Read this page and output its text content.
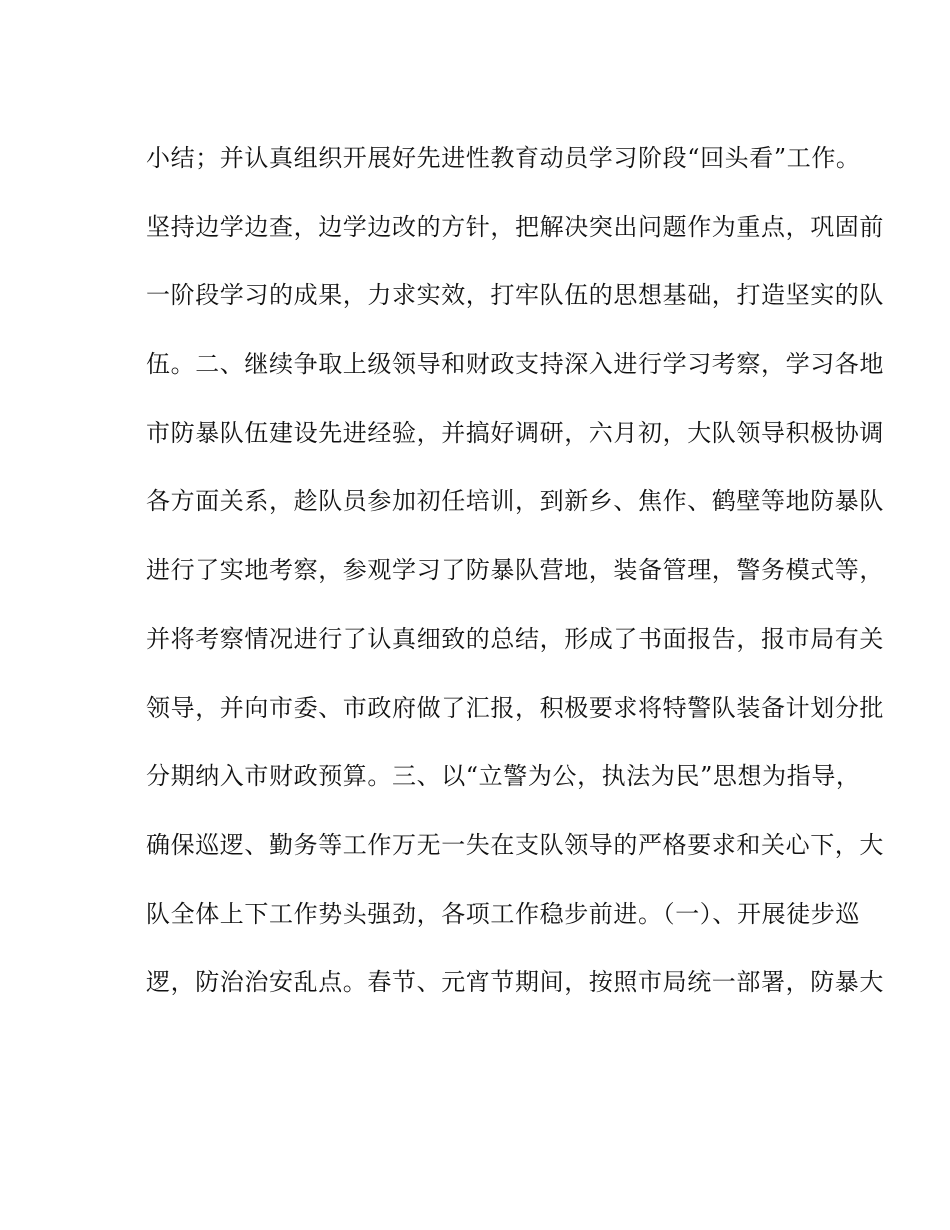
小结；并认真组织开展好先进性教育动员学习阶段“回头看”工作。
坚持边学边查，边学边改的方针，把解决突出问题作为重点，巩固前
一阶段学习的成果，力求实效，打牢队伍的思想基础，打造坚实的队
伍。二、继续争取上级领导和财政支持深入进行学习考察，学习各地
市防暴队伍建设先进经验，并搞好调研，六月初，大队领导积极协调
各方面关系，趁队员参加初任培训，到新乡、焦作、鹤壁等地防暴队
进行了实地考察，参观学习了防暴队营地，装备管理，警务模式等，
并将考察情况进行了认真细致的总结，形成了书面报告，报市局有关
领导，并向市委、市政府做了汇报，积极要求将特警队装备计划分批
分期纳入市财政预算。三、以“立警为公，执法为民”思想为指导，
确保巡逻、勤务等工作万无一失在支队领导的严格要求和关心下，大
队全体上下工作势头强劲，各项工作稳步前进。（一）、开展徒步巡
逻，防治治安乱点。春节、元宵节期间，按照市局统一部署，防暴大
